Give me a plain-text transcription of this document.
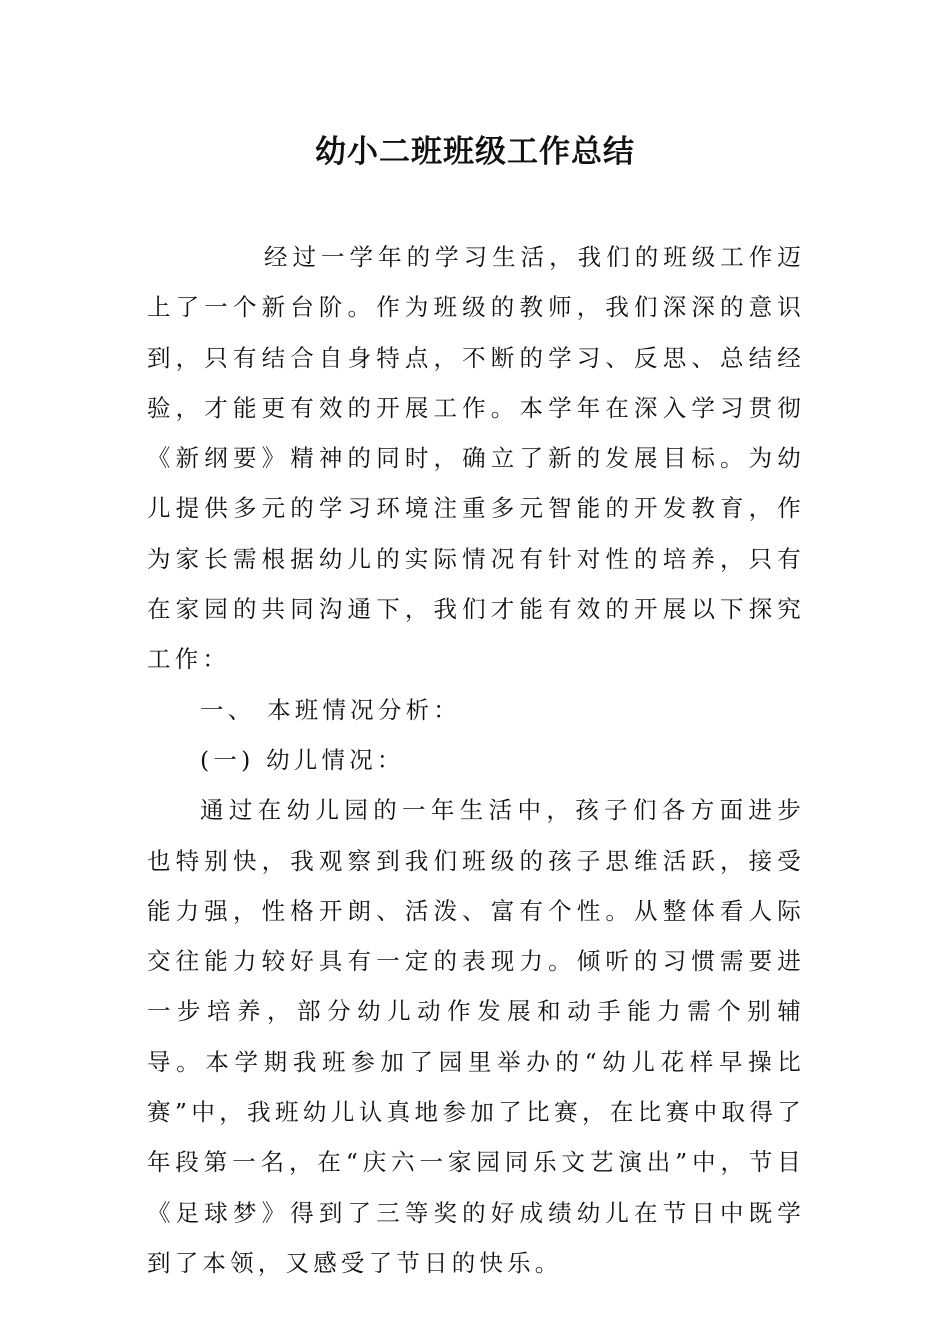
幼小二班班级工作总结

经过一学年的学习生活，我们的班级工作迈上了一个新台阶。作为班级的教师，我们深深的意识到，只有结合自身特点，不断的学习、反思、总结经验，才能更有效的开展工作。本学年在深入学习贯彻《新纲要》精神的同时，确立了新的发展目标。为幼儿提供多元的学习环境注重多元智能的开发教育，作为家长需根据幼儿的实际情况有针对性的培养，只有在家园的共同沟通下，我们才能有效的开展以下探究工作：

一、 本班情况分析：

(一) 幼儿情况：

通过在幼儿园的一年生活中，孩子们各方面进步也特别快，我观察到我们班级的孩子思维活跃，接受能力强，性格开朗、活泼、富有个性。从整体看人际交往能力较好具有一定的表现力。倾听的习惯需要进一步培养，部分幼儿动作发展和动手能力需个别辅导。本学期我班参加了园里举办的“幼儿花样早操比赛”中，我班幼儿认真地参加了比赛，在比赛中取得了年段第一名，在“庆六一家园同乐文艺演出”中，节目《足球梦》得到了三等奖的好成绩幼儿在节日中既学到了本领，又感受了节日的快乐。
